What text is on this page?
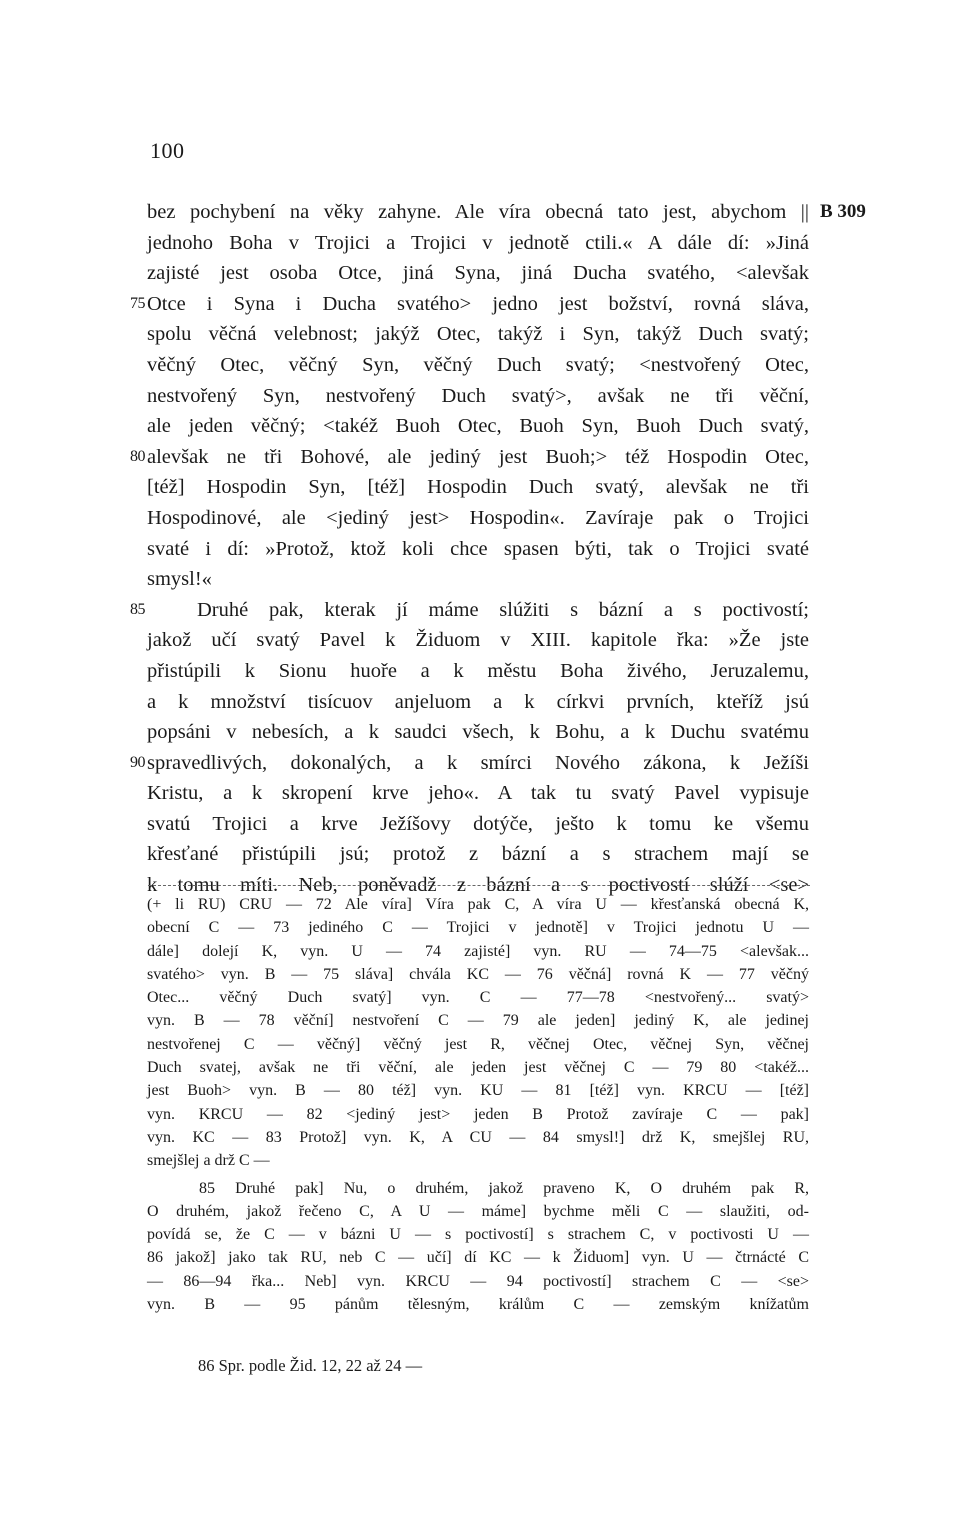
100
B 309
bez pochybení na věky zahyne. Ale víra obecná tato jest, abychom ||
jednoho Boha v Trojici a Trojici v jednotě ctili.« A dále dí: »Jiná
zajisté jest osoba Otce, jiná Syna, jiná Ducha svatého, <alevšak
75 Otce i Syna i Ducha svatého> jedno jest božství, rovná sláva,
spolu věčná velebnost; jakýž Otec, takýž i Syn, takýž Duch svatý;
věčný Otec, věčný Syn, věčný Duch svatý; <nestvořený Otec,
nestvořený Syn, nestvořený Duch svatý>, avšak ne tři věční,
ale jeden věčný; <takéž Buoh Otec, Buoh Syn, Buoh Duch svatý,
80 alevšak ne tři Bohové, ale jediný jest Buoh;> též Hospodin Otec,
[též] Hospodin Syn, [též] Hospodin Duch svatý, alevšak ne tři
Hospodinové, ale <jediný jest> Hospodin«. Zavíraje pak o Trojici
svaté i dí: »Protož, ktož koli chce spasen býti, tak o Trojici svaté
smysl!«
85	Druhé pak, kterak jí máme slúžiti s bázní a s poctivostí;
jakož učí svatý Pavel k Židuom v XIII. kapitole řka: »Že jste
přistúpili k Sionu huoře a k městu Boha živého, Jeruzalemu,
a k množství tisícuov anjeluom a k církvi prvních, kteříž jsú
popsáni v nebesích, a k saudci všech, k Bohu, a k Duchu svatému
90 spravedlivých, dokonalých, a k smírci Nového zákona, k Ježíši
Kristu, a k skropení krve jeho«. A tak tu svatý Pavel vypisuje
svatú Trojici a krve Ježíšovy dotýče, ješto k tomu ke všemu
křesťané přistúpili jsú; protož z bázní a s strachem mají se
k tomu míti. Neb, poněvadž z bázní a s poctivostí slúží <se>
(+ li RU) CRU — 72 Ale víra] Víra pak C, A víra U — křesťanská obecná K,
obecní C — 73 jediného C — Trojici v jednotě] v Trojici jednotu U —
dále] dolejí K, vyn. U — 74 zajisté] vyn. RU — 74—75 <alevšak...
svatého> vyn. B — 75 sláva] chvála KC — 76 věčná] rovná K — 77 věčný
Otec... věčný Duch svatý] vyn. C — 77—78 <nestvořený... svatý>
vyn. B — 78 věční] nestvoření C — 79 ale jeden] jediný K, ale jedinej
nestvořenej C — věčný] věčný jest R, věčnej Otec, věčnej Syn, věčnej
Duch svatej, avšak ne tři věční, ale jeden jest věčnej C — 79 80 <takéž...
jest Buoh> vyn. B — 80 též] vyn. KU — 81 [též] vyn. KRCU — [též]
vyn. KRCU — 82 <jediný jest> jeden B Protož zavíraje C — pak]
vyn. KC — 83 Protož] vyn. K, A CU — 84 smysl!] drž K, smejšlej RU,
smejšlej a drž C —
85 Druhé pak] Nu, o druhém, jakož praveno K, O druhém pak R,
O druhém, jakož řečeno C, A U — máme] bychme měli C — slaužiti, od-
povídá se, že C — v bázni U — s poctivostí] s strachem C, v poctivosti U —
86 jakož] jako tak RU, neb C — učí] dí KC — k Židuom] vyn. U — čtrnácté C
— 86—94 řka... Neb] vyn. KRCU — 94 poctivostí] strachem C — <se>
vyn. B — 95 pánům tělesným, králům C — zemským knížatům
86 Spr. podle Žid. 12, 22 až 24 —
